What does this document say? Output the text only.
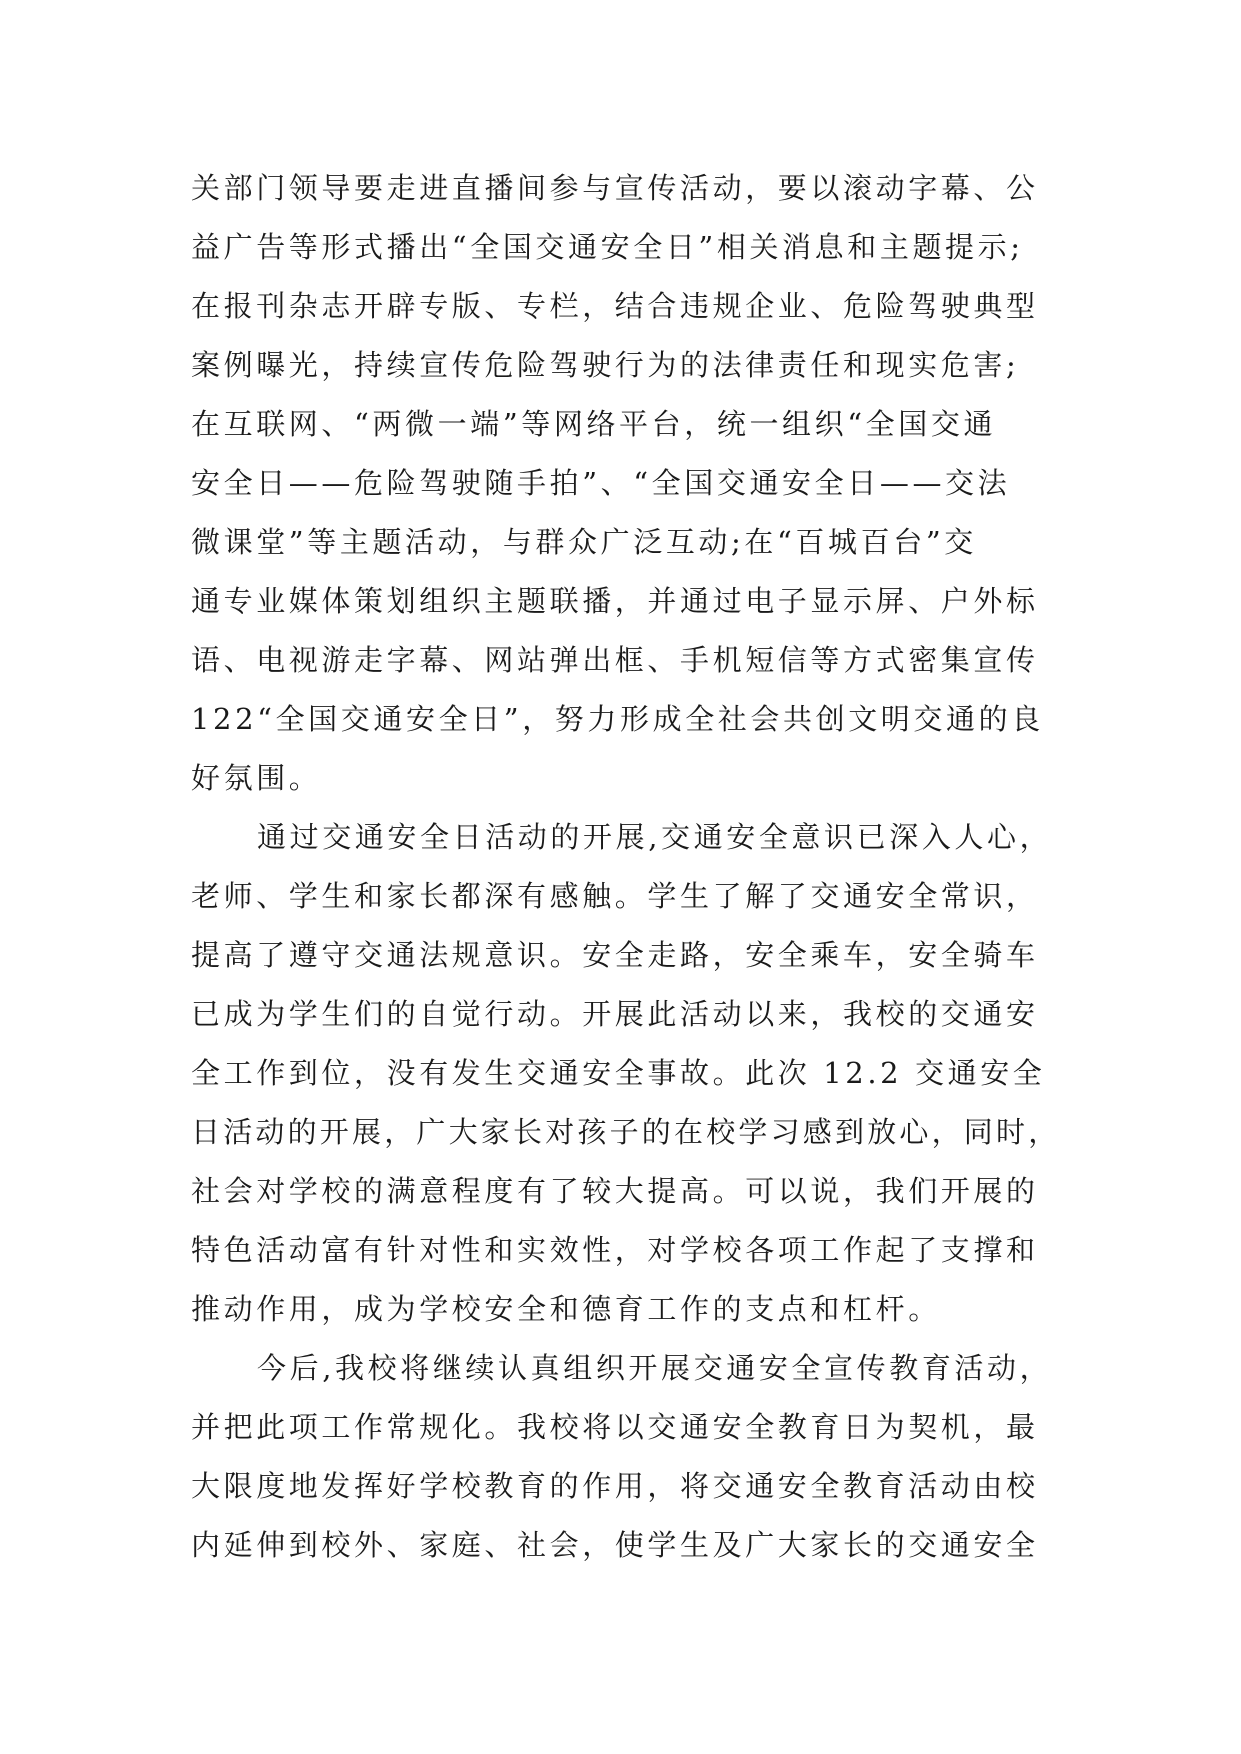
关部门领导要走进直播间参与宣传活动，要以滚动字幕、公
益广告等形式播出“全国交通安全日”相关消息和主题提示;
在报刊杂志开辟专版、专栏，结合违规企业、危险驾驶典型
案例曝光，持续宣传危险驾驶行为的法律责任和现实危害;
在互联网、“两微一端”等网络平台，统一组织“全国交通
安全日——危险驾驶随手拍”、“全国交通安全日——交法
微课堂”等主题活动，与群众广泛互动;在“百城百台”交
通专业媒体策划组织主题联播，并通过电子显示屏、户外标
语、电视游走字幕、网站弹出框、手机短信等方式密集宣传
122“全国交通安全日”，努力形成全社会共创文明交通的良
好氛围。
通过交通安全日活动的开展,交通安全意识已深入人心，
老师、学生和家长都深有感触。学生了解了交通安全常识，
提高了遵守交通法规意识。安全走路，安全乘车，安全骑车
已成为学生们的自觉行动。开展此活动以来，我校的交通安
全工作到位，没有发生交通安全事故。此次 12.2 交通安全
日活动的开展，广大家长对孩子的在校学习感到放心，同时，
社会对学校的满意程度有了较大提高。可以说，我们开展的
特色活动富有针对性和实效性，对学校各项工作起了支撑和
推动作用，成为学校安全和德育工作的支点和杠杆。
今后,我校将继续认真组织开展交通安全宣传教育活动，
并把此项工作常规化。我校将以交通安全教育日为契机，最
大限度地发挥好学校教育的作用，将交通安全教育活动由校
内延伸到校外、家庭、社会，使学生及广大家长的交通安全
